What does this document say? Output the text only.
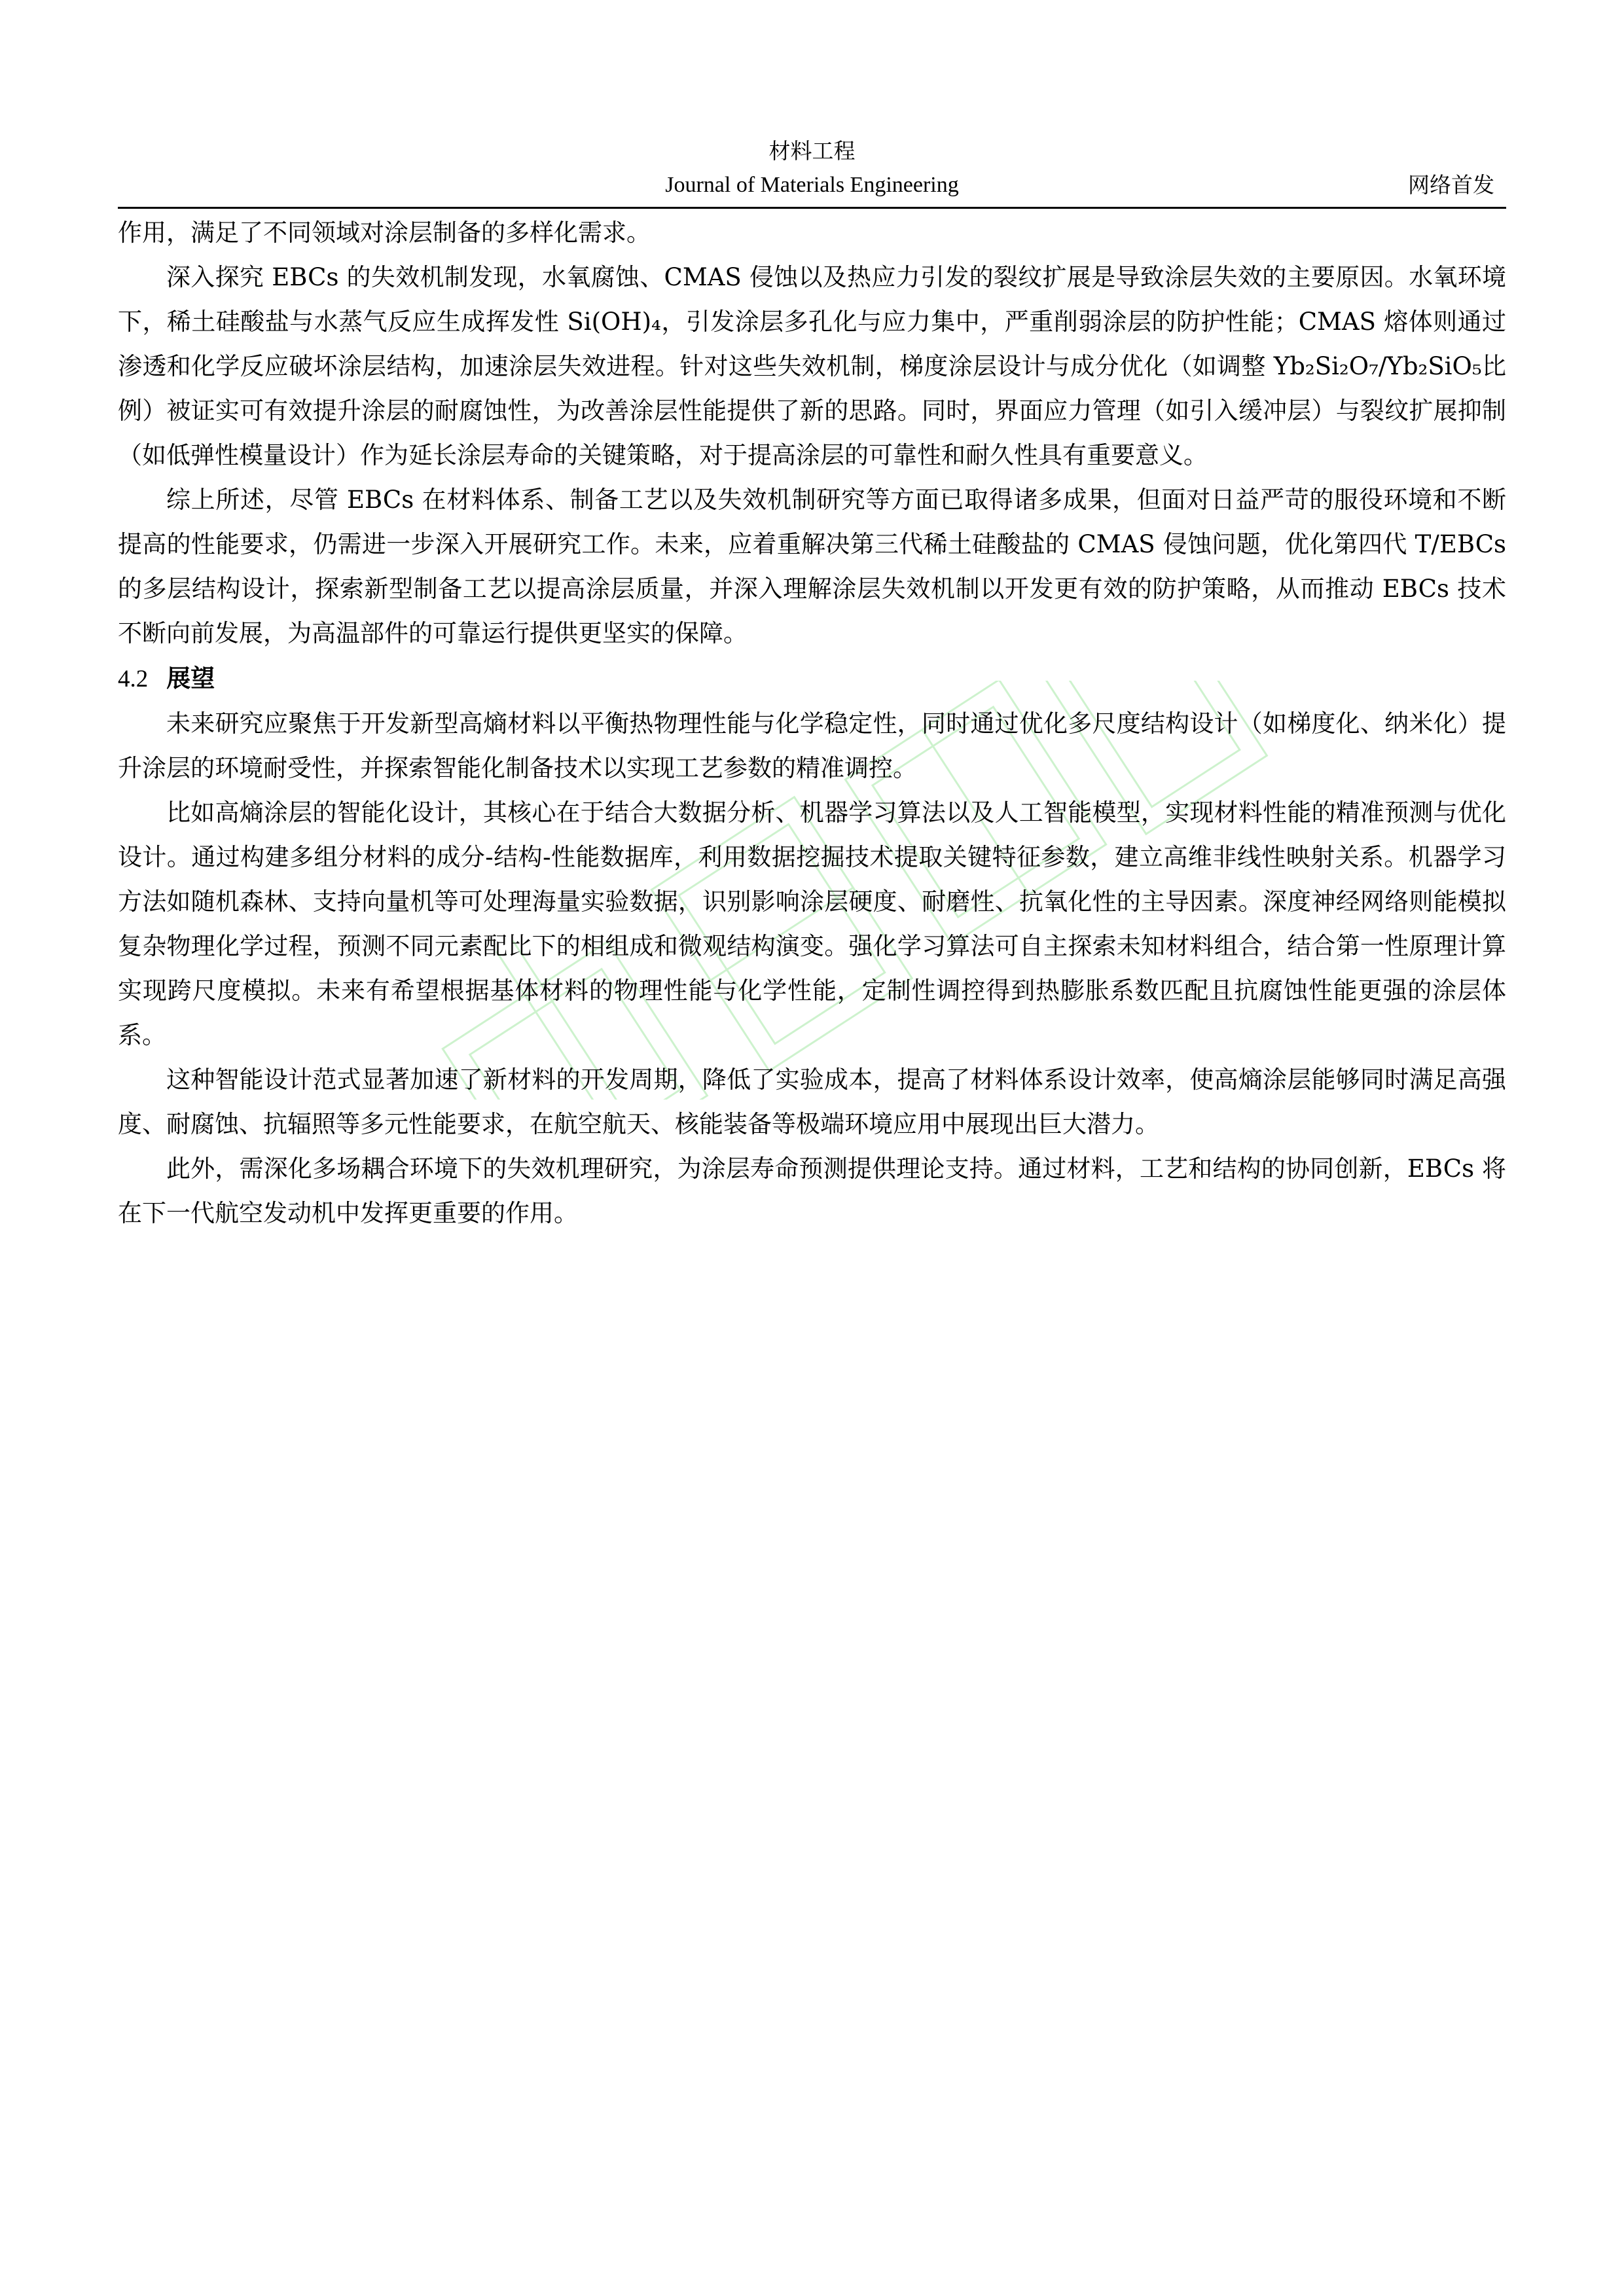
材料工程
Journal of Materials Engineering	网络首发

作用，满足了不同领域对涂层制备的多样化需求。

深入探究 EBCs 的失效机制发现，水氧腐蚀、CMAS 侵蚀以及热应力引发的裂纹扩展是导致涂层失效的主要原因。水氧环境下，稀土硅酸盐与水蒸气反应生成挥发性 Si(OH)₄，引发涂层多孔化与应力集中，严重削弱涂层的防护性能；CMAS 熔体则通过渗透和化学反应破坏涂层结构，加速涂层失效进程。针对这些失效机制，梯度涂层设计与成分优化（如调整 Yb₂Si₂O₇/Yb₂SiO₅比例）被证实可有效提升涂层的耐腐蚀性，为改善涂层性能提供了新的思路。同时，界面应力管理（如引入缓冲层）与裂纹扩展抑制（如低弹性模量设计）作为延长涂层寿命的关键策略，对于提高涂层的可靠性和耐久性具有重要意义。

综上所述，尽管 EBCs 在材料体系、制备工艺以及失效机制研究等方面已取得诸多成果，但面对日益严苛的服役环境和不断提高的性能要求，仍需进一步深入开展研究工作。未来，应着重解决第三代稀土硅酸盐的 CMAS 侵蚀问题，优化第四代 T/EBCs 的多层结构设计，探索新型制备工艺以提高涂层质量，并深入理解涂层失效机制以开发更有效的防护策略，从而推动 EBCs 技术不断向前发展，为高温部件的可靠运行提供更坚实的保障。

4.2 展望

未来研究应聚焦于开发新型高熵材料以平衡热物理性能与化学稳定性，同时通过优化多尺度结构设计（如梯度化、纳米化）提升涂层的环境耐受性，并探索智能化制备技术以实现工艺参数的精准调控。

比如高熵涂层的智能化设计，其核心在于结合大数据分析、机器学习算法以及人工智能模型，实现材料性能的精准预测与优化设计。通过构建多组分材料的成分-结构-性能数据库，利用数据挖掘技术提取关键特征参数，建立高维非线性映射关系。机器学习方法如随机森林、支持向量机等可处理海量实验数据，识别影响涂层硬度、耐磨性、抗氧化性的主导因素。深度神经网络则能模拟复杂物理化学过程，预测不同元素配比下的相组成和微观结构演变。强化学习算法可自主探索未知材料组合，结合第一性原理计算实现跨尺度模拟。未来有希望根据基体材料的物理性能与化学性能，定制性调控得到热膨胀系数匹配且抗腐蚀性能更强的涂层体系。

这种智能设计范式显著加速了新材料的开发周期，降低了实验成本，提高了材料体系设计效率，使高熵涂层能够同时满足高强度、耐腐蚀、抗辐照等多元性能要求，在航空航天、核能装备等极端环境应用中展现出巨大潜力。

此外，需深化多场耦合环境下的失效机理研究，为涂层寿命预测提供理论支持。通过材料，工艺和结构的协同创新，EBCs 将在下一代航空发动机中发挥更重要的作用。
